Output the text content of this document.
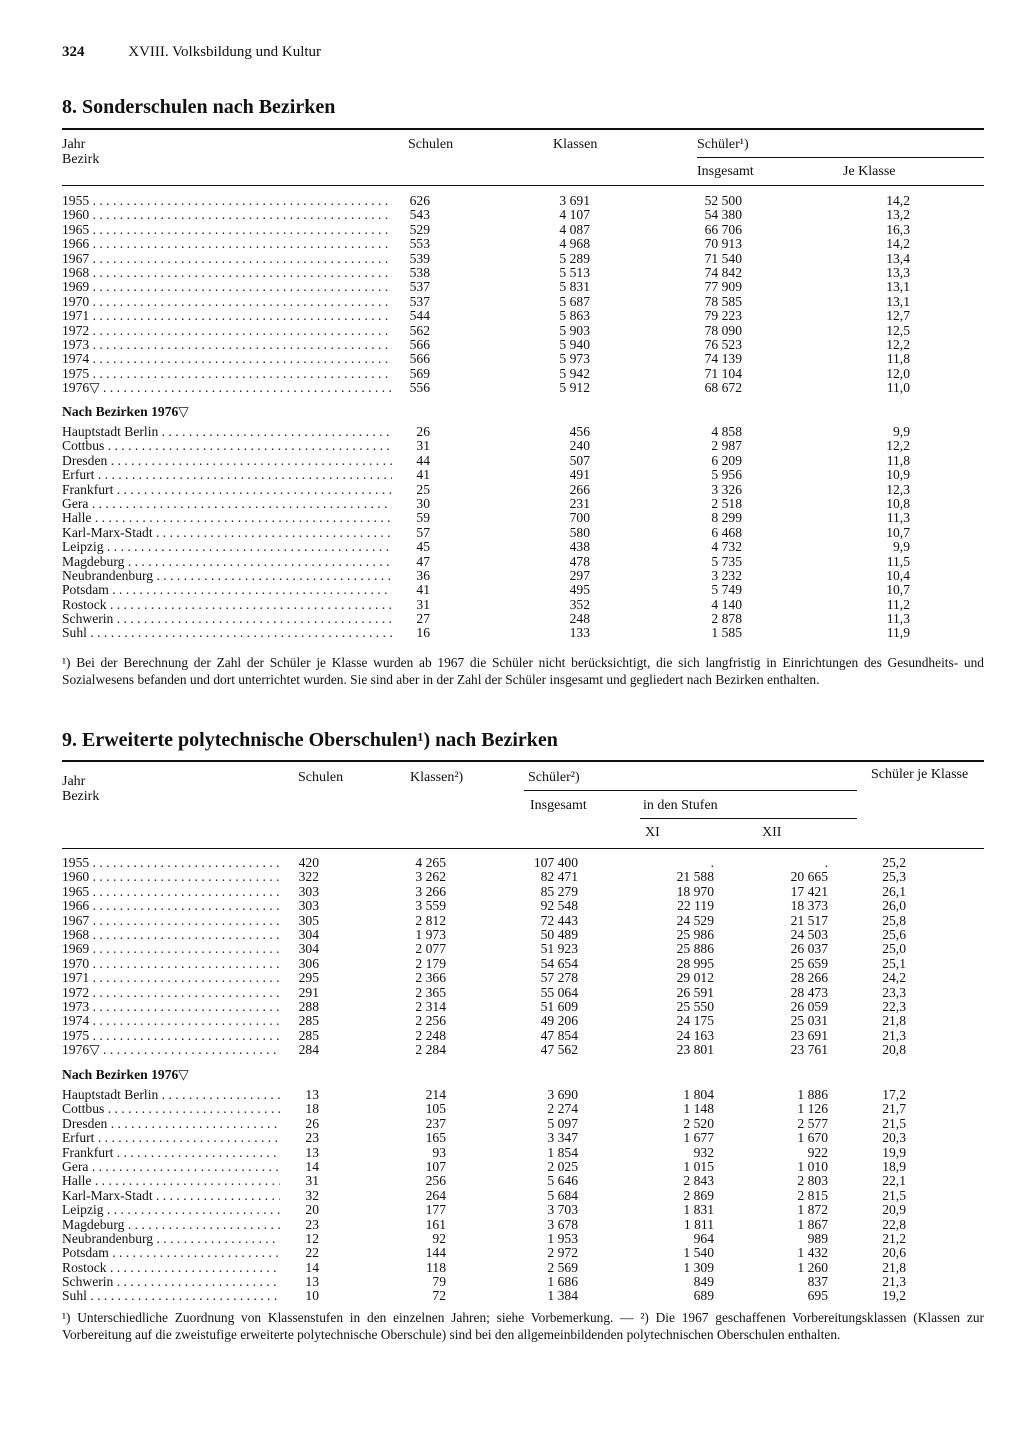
324	XVIII. Volksbildung und Kultur
8. Sonderschulen nach Bezirken
Jahr
Bezirk
Schulen	Klassen	Schüler¹)
Insgesamt	Je Klasse
1955 . . .	626	3 691	52 500	14,2
1960 . . .	543	4 107	54 380	13,2
1965 . . .	529	4 087	66 706	16,3
1966 . . .	553	4 968	70 913	14,2
1967 . . .	539	5 289	71 540	13,4
1968 . . .	538	5 513	74 842	13,3
1969 . . .	537	5 831	77 909	13,1
1970 . . .	537	5 687	78 585	13,1
1971 . . .	544	5 863	79 223	12,7
1972 . . .	562	5 903	78 090	12,5
1973 . . .	566	5 940	76 523	12,2
1974 . . .	566	5 973	74 139	11,8
1975 . . .	569	5 942	71 104	12,0
1976▽ . . .	556	5 912	68 672	11,0
Nach Bezirken 1976▽
Hauptstadt Berlin . . .	26	456	4 858	9,9
Cottbus . . .	31	240	2 987	12,2
Dresden . . .	44	507	6 209	11,8
Erfurt . . .	41	491	5 956	10,9
Frankfurt . . .	25	266	3 326	12,3
Gera . . .	30	231	2 518	10,8
Halle . . .	59	700	8 299	11,3
Karl-Marx-Stadt . . .	57	580	6 468	10,7
Leipzig . . .	45	438	4 732	9,9
Magdeburg . . .	47	478	5 735	11,5
Neubrandenburg . . .	36	297	3 232	10,4
Potsdam . . .	41	495	5 749	10,7
Rostock . . .	31	352	4 140	11,2
Schwerin . . .	27	248	2 878	11,3
Suhl . . .	16	133	1 585	11,9
¹) Bei der Berechnung der Zahl der Schüler je Klasse wurden ab 1967 die Schüler nicht berücksichtigt, die sich langfristig in Einrichtungen des Gesundheits- und Sozialwesens befanden und dort unterrichtet wurden. Sie sind aber in der Zahl der Schüler insgesamt und gegliedert nach Bezirken enthalten.
9. Erweiterte polytechnische Oberschulen¹) nach Bezirken
Jahr
Bezirk
Schulen	Klassen²)	Schüler²)	Schüler je Klasse
Insgesamt	in den Stufen
XI	XII
1955 . . .	420	4 265	107 400	.	.	25,2
1960 . . .	322	3 262	82 471	21 588	20 665	25,3
1965 . . .	303	3 266	85 279	18 970	17 421	26,1
1966 . . .	303	3 559	92 548	22 119	18 373	26,0
1967 . . .	305	2 812	72 443	24 529	21 517	25,8
1968 . . .	304	1 973	50 489	25 986	24 503	25,6
1969 . . .	304	2 077	51 923	25 886	26 037	25,0
1970 . . .	306	2 179	54 654	28 995	25 659	25,1
1971 . . .	295	2 366	57 278	29 012	28 266	24,2
1972 . . .	291	2 365	55 064	26 591	28 473	23,3
1973 . . .	288	2 314	51 609	25 550	26 059	22,3
1974 . . .	285	2 256	49 206	24 175	25 031	21,8
1975 . . .	285	2 248	47 854	24 163	23 691	21,3
1976▽ . . .	284	2 284	47 562	23 801	23 761	20,8
Nach Bezirken 1976▽
Hauptstadt Berlin . . .	13	214	3 690	1 804	1 886	17,2
Cottbus . . .	18	105	2 274	1 148	1 126	21,7
Dresden . . .	26	237	5 097	2 520	2 577	21,5
Erfurt . . .	23	165	3 347	1 677	1 670	20,3
Frankfurt . . .	13	93	1 854	932	922	19,9
Gera . . .	14	107	2 025	1 015	1 010	18,9
Halle . . .	31	256	5 646	2 843	2 803	22,1
Karl-Marx-Stadt . . .	32	264	5 684	2 869	2 815	21,5
Leipzig . . .	20	177	3 703	1 831	1 872	20,9
Magdeburg . . .	23	161	3 678	1 811	1 867	22,8
Neubrandenburg . . .	12	92	1 953	964	989	21,2
Potsdam . . .	22	144	2 972	1 540	1 432	20,6
Rostock . . .	14	118	2 569	1 309	1 260	21,8
Schwerin . . .	13	79	1 686	849	837	21,3
Suhl . . .	10	72	1 384	689	695	19,2
¹) Unterschiedliche Zuordnung von Klassenstufen in den einzelnen Jahren; siehe Vorbemerkung. — ²) Die 1967 geschaffenen Vorbereitungsklassen (Klassen zur Vorbereitung auf die zweistufige erweiterte polytechnische Oberschule) sind bei den allgemeinbildenden polytechnischen Oberschulen enthalten.
